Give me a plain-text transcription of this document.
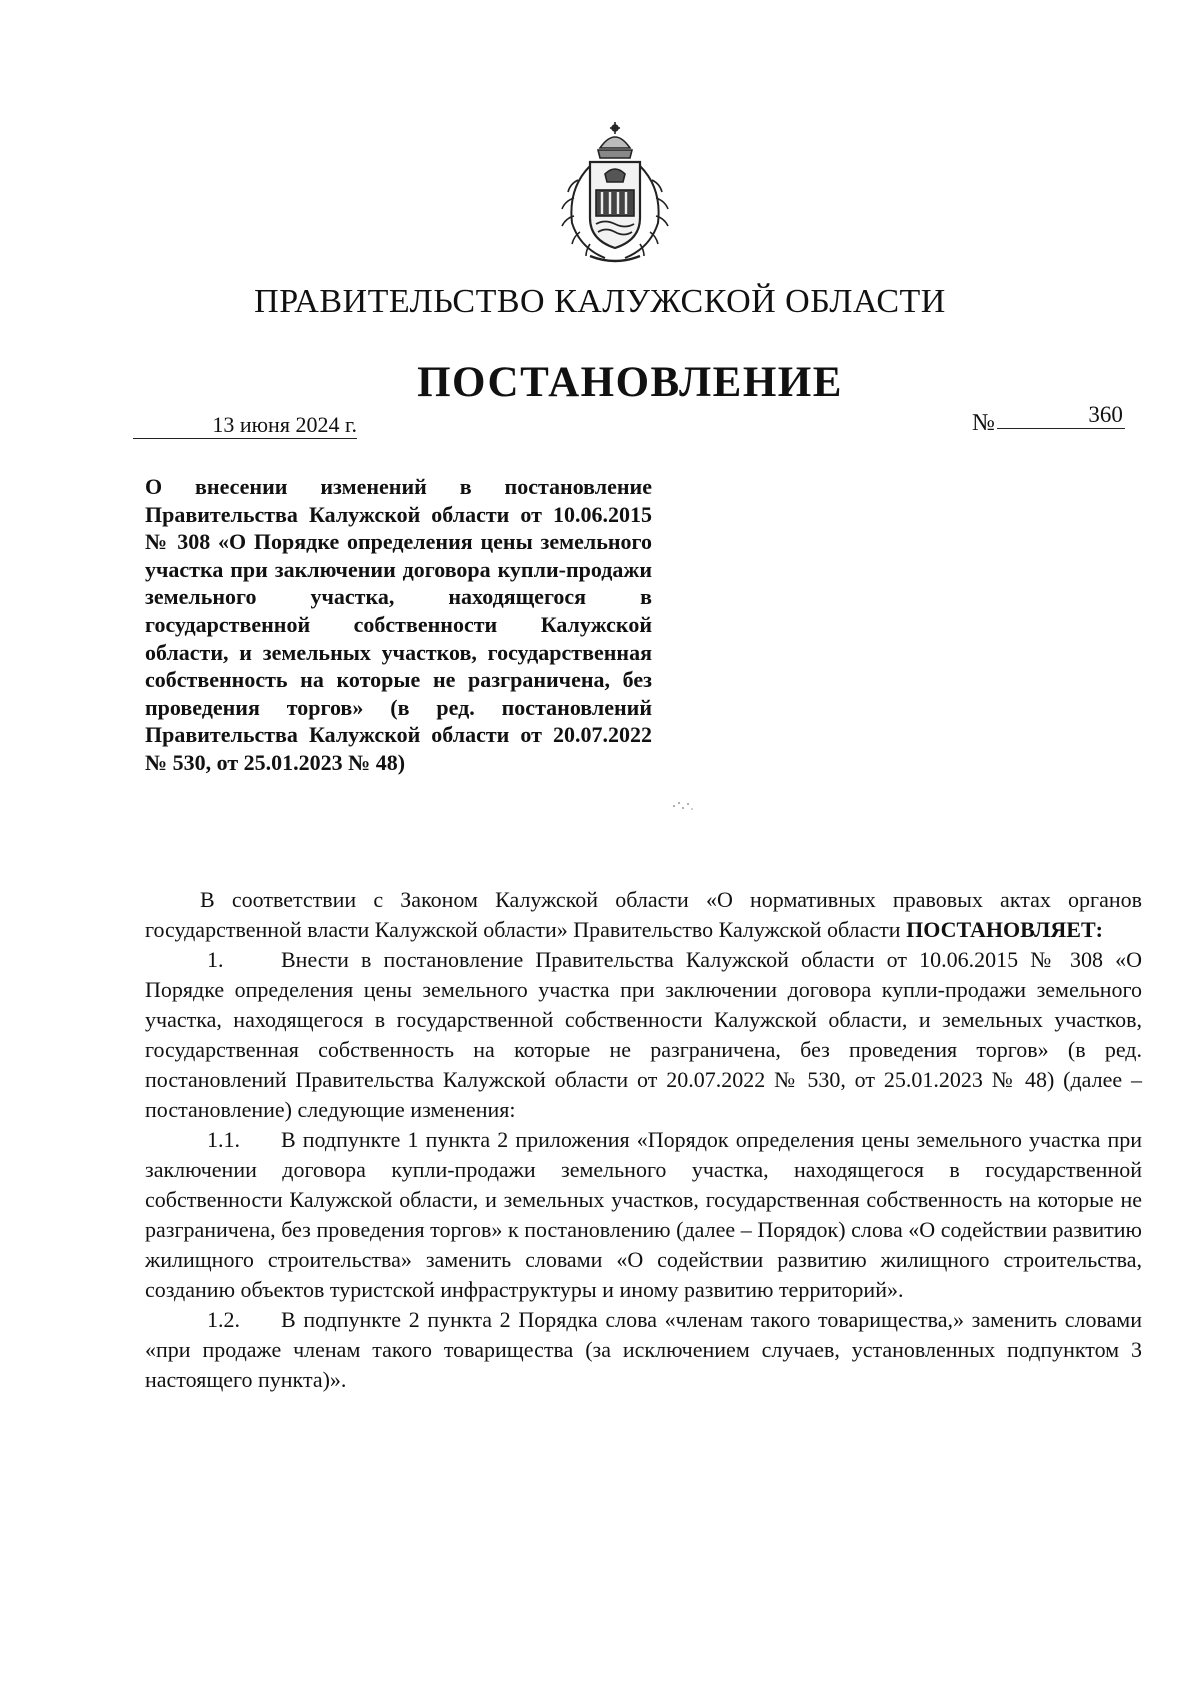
ПРАВИТЕЛЬСТВО КАЛУЖСКОЙ ОБЛАСТИ
ПОСТАНОВЛЕНИЕ
13 июня 2024 г.	№	360

О внесении изменений в постановление Правительства Калужской области от 10.06.2015 № 308 «О Порядке определения цены земельного участка при заключении договора купли-продажи земельного участка, находящегося в государственной собственности Калужской области, и земельных участков, государственная собственность на которые не разграничена, без проведения торгов» (в ред. постановлений Правительства Калужской области от 20.07.2022 № 530, от 25.01.2023 № 48)

В соответствии с Законом Калужской области «О нормативных правовых актах органов государственной власти Калужской области» Правительство Калужской области ПОСТАНОВЛЯЕТ:

1.	Внести в постановление Правительства Калужской области от 10.06.2015 № 308 «О Порядке определения цены земельного участка при заключении договора купли-продажи земельного участка, находящегося в государственной собственности Калужской области, и земельных участков, государственная собственность на которые не разграничена, без проведения торгов» (в ред. постановлений Правительства Калужской области от 20.07.2022 № 530, от 25.01.2023 № 48) (далее – постановление) следующие изменения:

1.1. В подпункте 1 пункта 2 приложения «Порядок определения цены земельного участка при заключении договора купли-продажи земельного участка, находящегося в государственной собственности Калужской области, и земельных участков, государственная собственность на которые не разграничена, без проведения торгов» к постановлению (далее – Порядок) слова «О содействии развитию жилищного строительства» заменить словами «О содействии развитию жилищного строительства, созданию объектов туристской инфраструктуры и иному развитию территорий».

1.2. В подпункте 2 пункта 2 Порядка слова «членам такого товарищества,» заменить словами «при продаже членам такого товарищества (за исключением случаев, установленных подпунктом 3 настоящего пункта)».
